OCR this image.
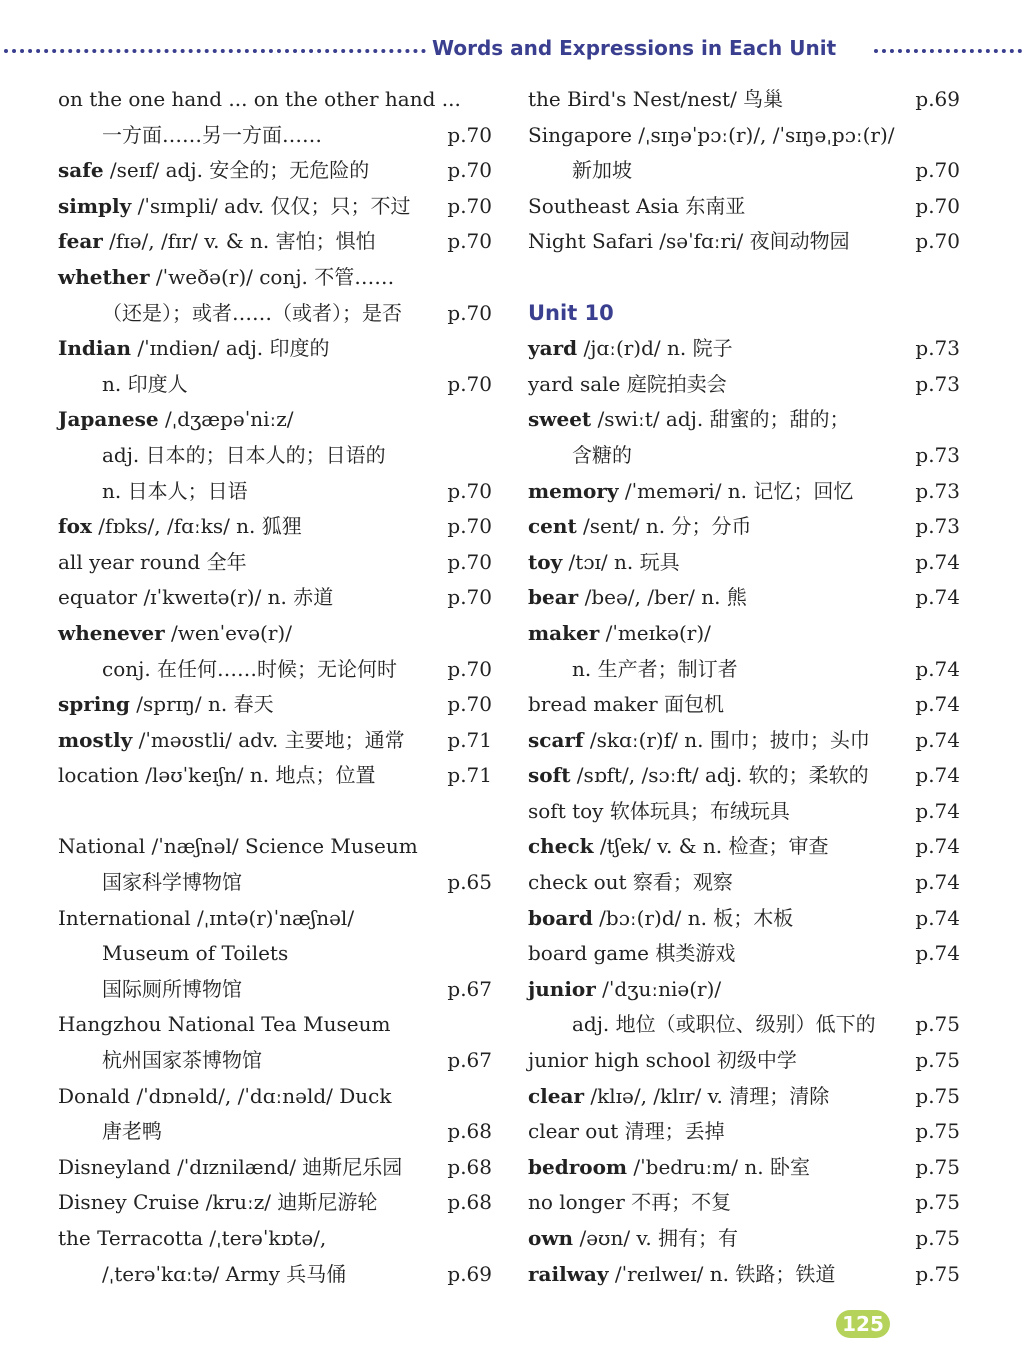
Words and Expressions in Each Unit
on the one hand ... on the other hand ...
一方面……另一方面……	p.70
safe /seɪf/ adj. 安全的；无危险的	p.70
simply /ˈsɪmpli/ adv. 仅仅；只；不过 p.70
fear /fɪə/, /fɪr/ v. & n. 害怕；惧怕	p.70
whether /ˈweðə(r)/ conj. 不管……
（还是）；或者……（或者）；是否 p.70
Indian /ˈɪndiən/ adj. 印度的
n. 印度人	p.70
Japanese /ˌdʒæpəˈniːz/
adj. 日本的；日本人的；日语的
n. 日本人；日语	p.70
fox /fɒks/, /fɑːks/ n. 狐狸	p.70
all year round 全年	p.70
equator /ɪˈkweɪtə(r)/ n. 赤道	p.70
whenever /wenˈevə(r)/
conj. 在任何……时候；无论何时	p.70
spring /sprɪŋ/ n. 春天	p.70
mostly /ˈməʊstli/ adv. 主要地；通常 p.71
location /ləʊˈkeɪʃn/ n. 地点；位置	p.71
National /ˈnæʃnəl/ Science Museum
国家科学博物馆	p.65
International /ˌɪntə(r)ˈnæʃnəl/
Museum of Toilets
国际厕所博物馆	p.67
Hangzhou National Tea Museum
杭州国家茶博物馆	p.67
Donald /ˈdɒnəld/, /ˈdɑːnəld/ Duck
唐老鸭	p.68
Disneyland /ˈdɪznilænd/ 迪斯尼乐园 p.68
Disney Cruise /kruːz/ 迪斯尼游轮	p.68
the Terracotta /ˌterəˈkɒtə/,
/ˌterəˈkɑːtə/ Army 兵马俑	p.69
the Bird's Nest/nest/ 鸟巢	p.69
Singapore /ˌsɪŋəˈpɔː(r)/, /ˈsɪŋəˌpɔː(r)/
新加坡	p.70
Southeast Asia 东南亚	p.70
Night Safari /səˈfɑːri/ 夜间动物园	p.70
Unit 10
yard /jɑː(r)d/ n. 院子	p.73
yard sale 庭院拍卖会	p.73
sweet /swiːt/ adj. 甜蜜的；甜的；
含糖的	p.73
memory /ˈmeməri/ n. 记忆；回忆	p.73
cent /sent/ n. 分；分币	p.73
toy /tɔɪ/ n. 玩具	p.74
bear /beə/, /ber/ n. 熊	p.74
maker /ˈmeɪkə(r)/
n. 生产者；制订者	p.74
bread maker 面包机	p.74
scarf /skɑː(r)f/ n. 围巾；披巾；头巾 p.74
soft /sɒft/, /sɔːft/ adj. 软的；柔软的 p.74
soft toy 软体玩具；布绒玩具	p.74
check /tʃek/ v. & n. 检查；审查	p.74
check out 察看；观察	p.74
board /bɔː(r)d/ n. 板；木板	p.74
board game 棋类游戏	p.74
junior /ˈdʒuːniə(r)/
adj. 地位（或职位、级别）低下的 p.75
junior high school 初级中学	p.75
clear /klɪə/, /klɪr/ v. 清理；清除	p.75
clear out 清理；丢掉	p.75
bedroom /ˈbedruːm/ n. 卧室	p.75
no longer 不再；不复	p.75
own /əʊn/ v. 拥有；有	p.75
railway /ˈreɪlweɪ/ n. 铁路；铁道	p.75
125
